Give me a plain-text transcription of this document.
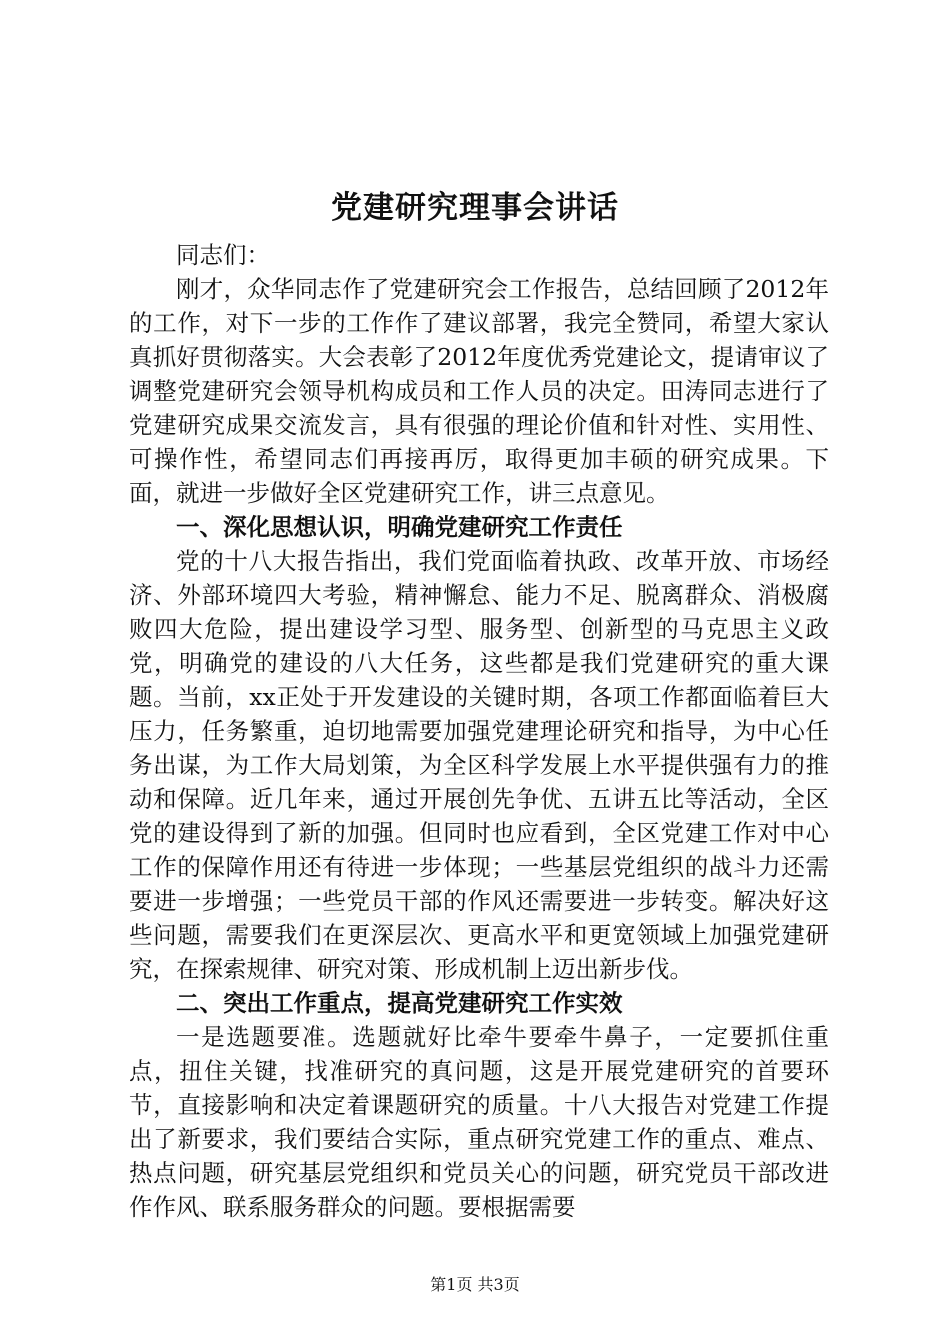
党建研究理事会讲话

同志们：

刚才，众华同志作了党建研究会工作报告，总结回顾了2012年的工作，对下一步的工作作了建议部署，我完全赞同，希望大家认真抓好贯彻落实。大会表彰了2012年度优秀党建论文，提请审议了调整党建研究会领导机构成员和工作人员的决定。田涛同志进行了党建研究成果交流发言，具有很强的理论价值和针对性、实用性、可操作性，希望同志们再接再厉，取得更加丰硕的研究成果。下面，就进一步做好全区党建研究工作，讲三点意见。

一、深化思想认识，明确党建研究工作责任

党的十八大报告指出，我们党面临着执政、改革开放、市场经济、外部环境四大考验，精神懈怠、能力不足、脱离群众、消极腐败四大危险，提出建设学习型、服务型、创新型的马克思主义政党，明确党的建设的八大任务，这些都是我们党建研究的重大课题。当前，xx正处于开发建设的关键时期，各项工作都面临着巨大压力，任务繁重，迫切地需要加强党建理论研究和指导，为中心任务出谋，为工作大局划策，为全区科学发展上水平提供强有力的推动和保障。近几年来，通过开展创先争优、五讲五比等活动，全区党的建设得到了新的加强。但同时也应看到，全区党建工作对中心工作的保障作用还有待进一步体现；一些基层党组织的战斗力还需要进一步增强；一些党员干部的作风还需要进一步转变。解决好这些问题，需要我们在更深层次、更高水平和更宽领域上加强党建研究，在探索规律、研究对策、形成机制上迈出新步伐。

二、突出工作重点，提高党建研究工作实效

一是选题要准。选题就好比牵牛要牵牛鼻子，一定要抓住重点，扭住关键，找准研究的真问题，这是开展党建研究的首要环节，直接影响和决定着课题研究的质量。十八大报告对党建工作提出了新要求，我们要结合实际，重点研究党建工作的重点、难点、热点问题，研究基层党组织和党员关心的问题，研究党员干部改进作作风、联系服务群众的问题。要根据需要

第1页 共3页
